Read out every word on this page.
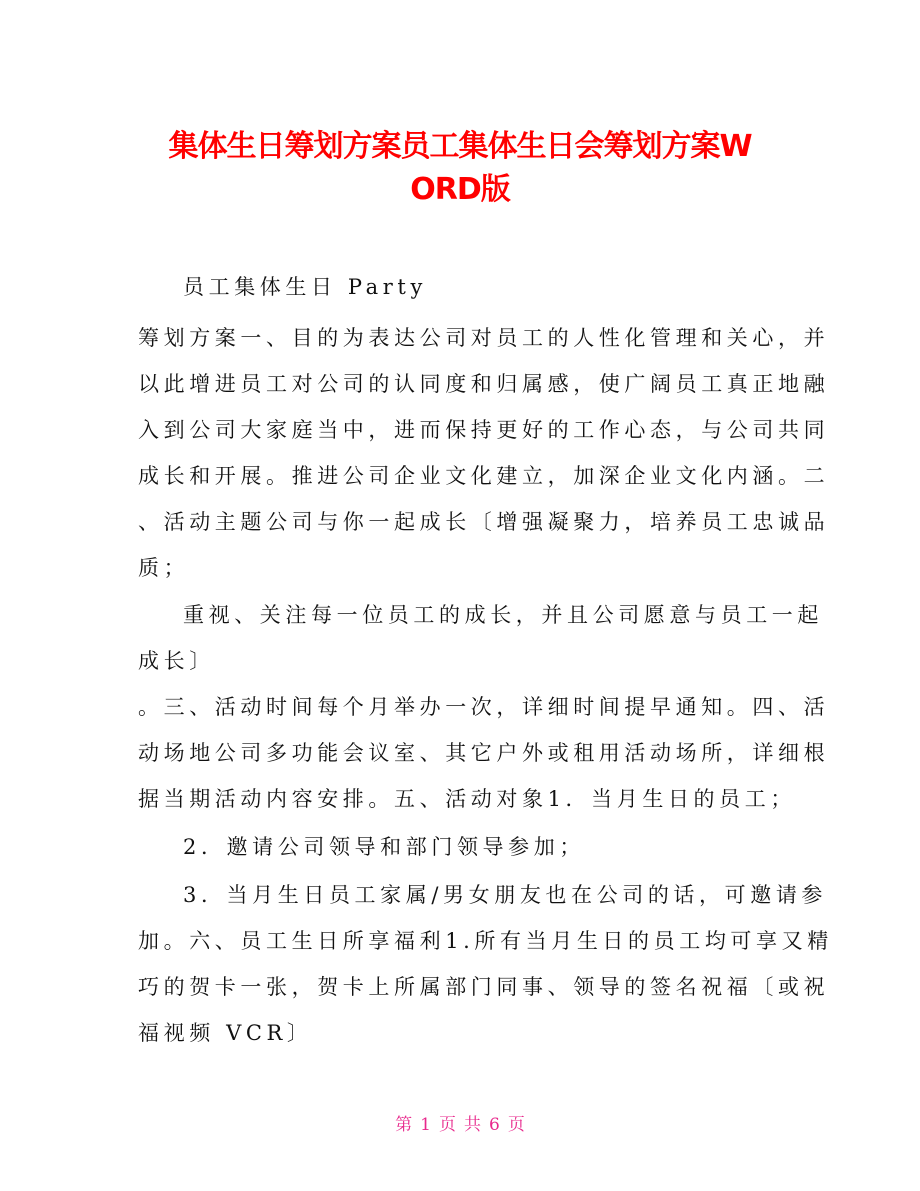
集体生日筹划方案员工集体生日会筹划方案W
ORD版
员工集体生日 Party
筹划方案一、目的为表达公司对员工的人性化管理和关心，并
以此增进员工对公司的认同度和归属感，使广阔员工真正地融
入到公司大家庭当中，进而保持更好的工作心态，与公司共同
成长和开展。推进公司企业文化建立，加深企业文化内涵。二
、活动主题公司与你一起成长〔增强凝聚力，培养员工忠诚品
质；
重视、关注每一位员工的成长，并且公司愿意与员工一起
成长〕
。三、活动时间每个月举办一次，详细时间提早通知。四、活
动场地公司多功能会议室、其它户外或租用活动场所，详细根
据当期活动内容安排。五、活动对象1．当月生日的员工；
2．邀请公司领导和部门领导参加；
3．当月生日员工家属/男女朋友也在公司的话，可邀请参
加。六、员工生日所享福利1.所有当月生日的员工均可享又精
巧的贺卡一张，贺卡上所属部门同事、领导的签名祝福〔或祝
福视频 VCR〕
第 1 页 共 6 页
